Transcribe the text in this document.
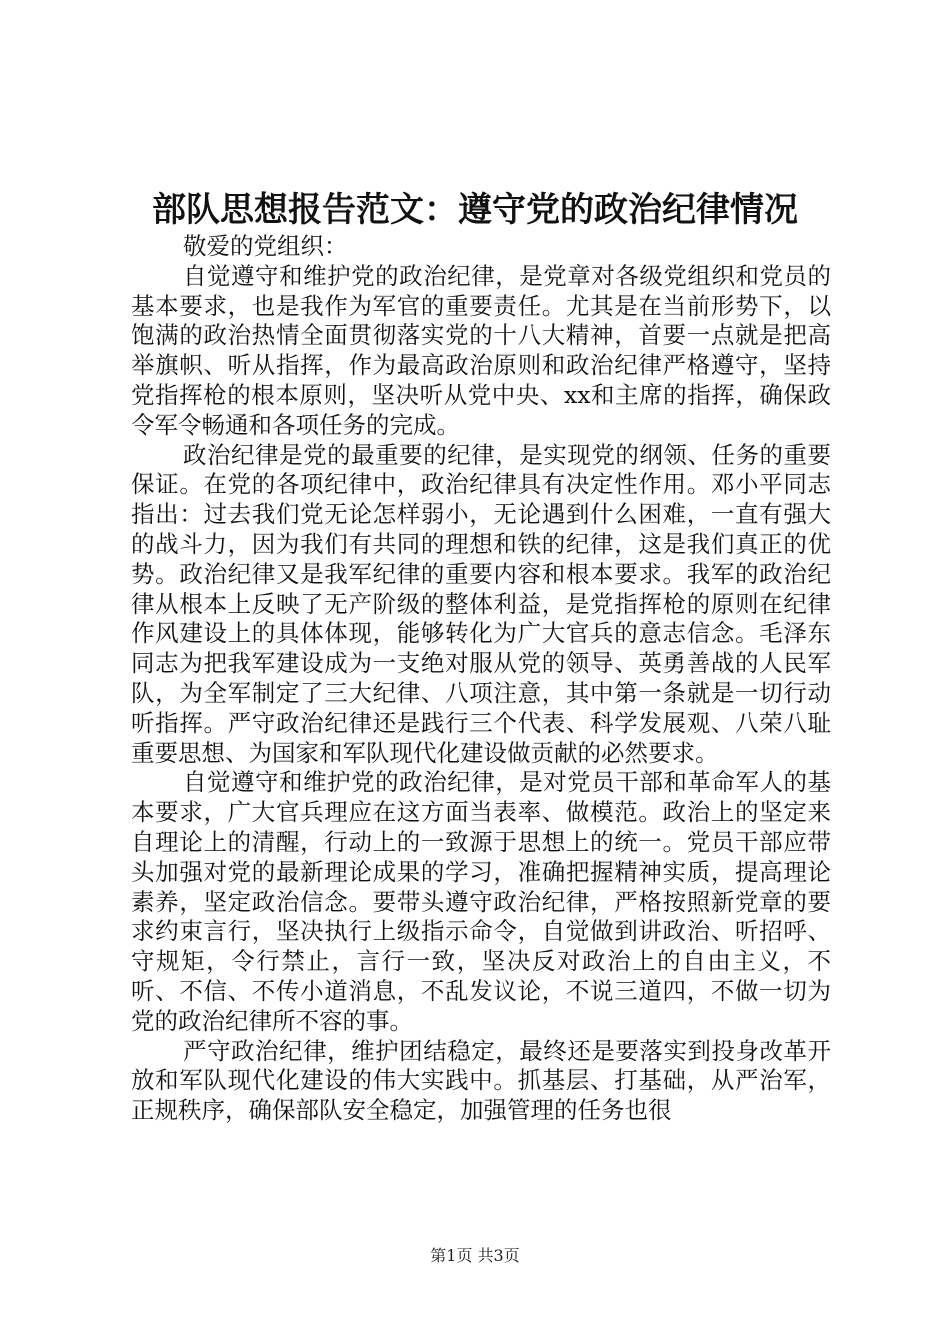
部队思想报告范文：遵守党的政治纪律情况

敬爱的党组织：

自觉遵守和维护党的政治纪律，是党章对各级党组织和党员的基本要求，也是我作为军官的重要责任。尤其是在当前形势下，以饱满的政治热情全面贯彻落实党的十八大精神，首要一点就是把高举旗帜、听从指挥，作为最高政治原则和政治纪律严格遵守，坚持党指挥枪的根本原则，坚决听从党中央、xx和主席的指挥，确保政令军令畅通和各项任务的完成。

政治纪律是党的最重要的纪律，是实现党的纲领、任务的重要保证。在党的各项纪律中，政治纪律具有决定性作用。邓小平同志指出：过去我们党无论怎样弱小，无论遇到什么困难，一直有强大的战斗力，因为我们有共同的理想和铁的纪律，这是我们真正的优势。政治纪律又是我军纪律的重要内容和根本要求。我军的政治纪律从根本上反映了无产阶级的整体利益，是党指挥枪的原则在纪律作风建设上的具体体现，能够转化为广大官兵的意志信念。毛泽东同志为把我军建设成为一支绝对服从党的领导、英勇善战的人民军队，为全军制定了三大纪律、八项注意，其中第一条就是一切行动听指挥。严守政治纪律还是践行三个代表、科学发展观、八荣八耻重要思想、为国家和军队现代化建设做贡献的必然要求。

自觉遵守和维护党的政治纪律，是对党员干部和革命军人的基本要求，广大官兵理应在这方面当表率、做模范。政治上的坚定来自理论上的清醒，行动上的一致源于思想上的统一。党员干部应带头加强对党的最新理论成果的学习，准确把握精神实质，提高理论素养，坚定政治信念。要带头遵守政治纪律，严格按照新党章的要求约束言行，坚决执行上级指示命令，自觉做到讲政治、听招呼、守规矩，令行禁止，言行一致，坚决反对政治上的自由主义，不听、不信、不传小道消息，不乱发议论，不说三道四，不做一切为党的政治纪律所不容的事。

严守政治纪律，维护团结稳定，最终还是要落实到投身改革开放和军队现代化建设的伟大实践中。抓基层、打基础，从严治军，正规秩序，确保部队安全稳定，加强管理的任务也很

第1页 共3页
